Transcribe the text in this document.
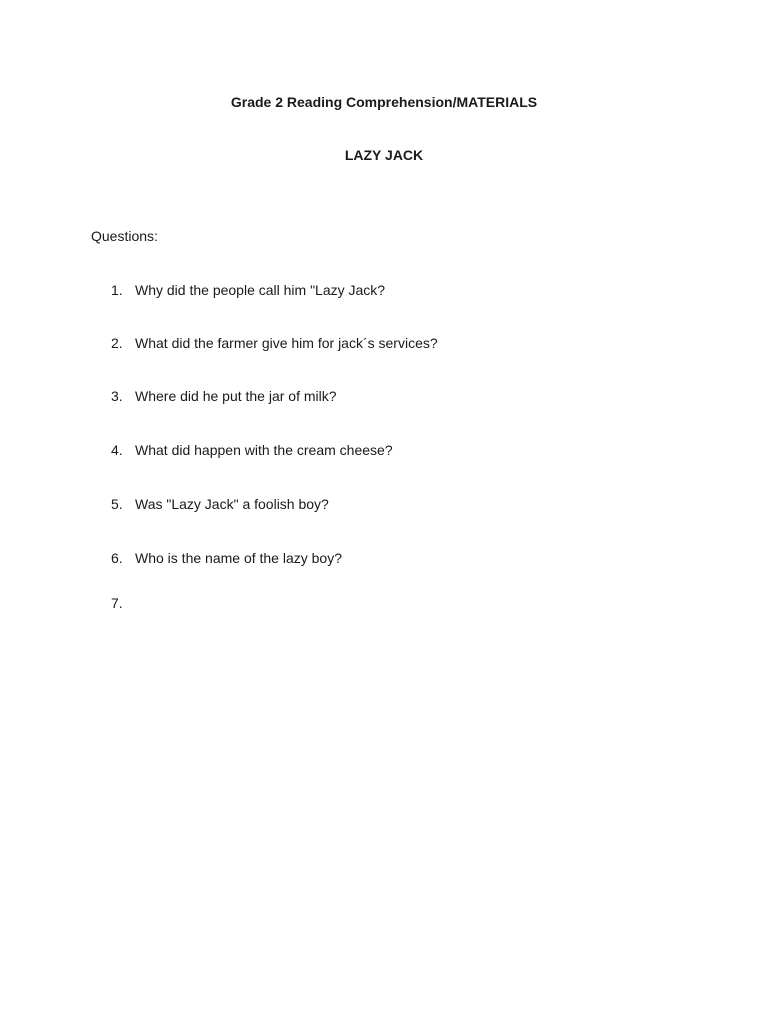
Grade 2 Reading Comprehension/MATERIALS
LAZY JACK

Questions:

1. Why did the people call him "Lazy Jack?
2. What did the farmer give him for jack´s services?
3. Where did he put the jar of milk?
4. What did happen with the cream cheese?
5. Was "Lazy Jack" a foolish boy?
6. Who is the name of the lazy boy?
7.
